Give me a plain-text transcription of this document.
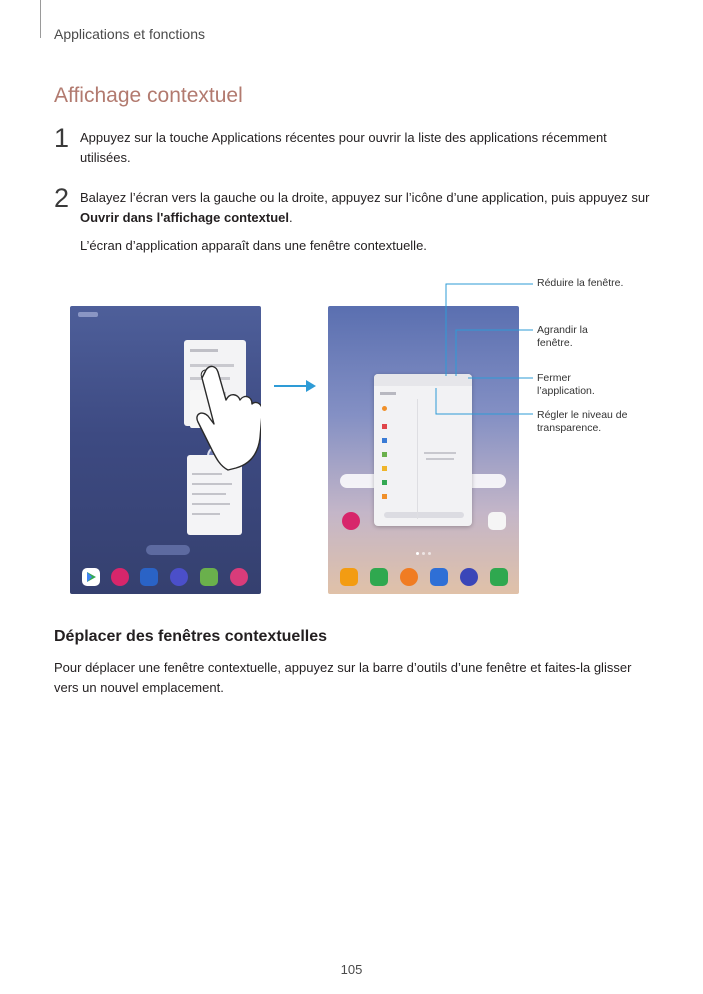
Applications et fonctions
Affichage contextuel
1 Appuyez sur la touche Applications récentes pour ouvrir la liste des applications récemment utilisées.
2 Balayez l’écran vers la gauche ou la droite, appuyez sur l’icône d’une application, puis appuyez sur Ouvrir dans l'affichage contextuel.
L’écran d’application apparaît dans une fenêtre contextuelle.
Réduire la fenêtre.
Agrandir la fenêtre.
Fermer l’application.
Régler le niveau de transparence.
Déplacer des fenêtres contextuelles
Pour déplacer une fenêtre contextuelle, appuyez sur la barre d’outils d’une fenêtre et faites-la glisser vers un nouvel emplacement.
105
